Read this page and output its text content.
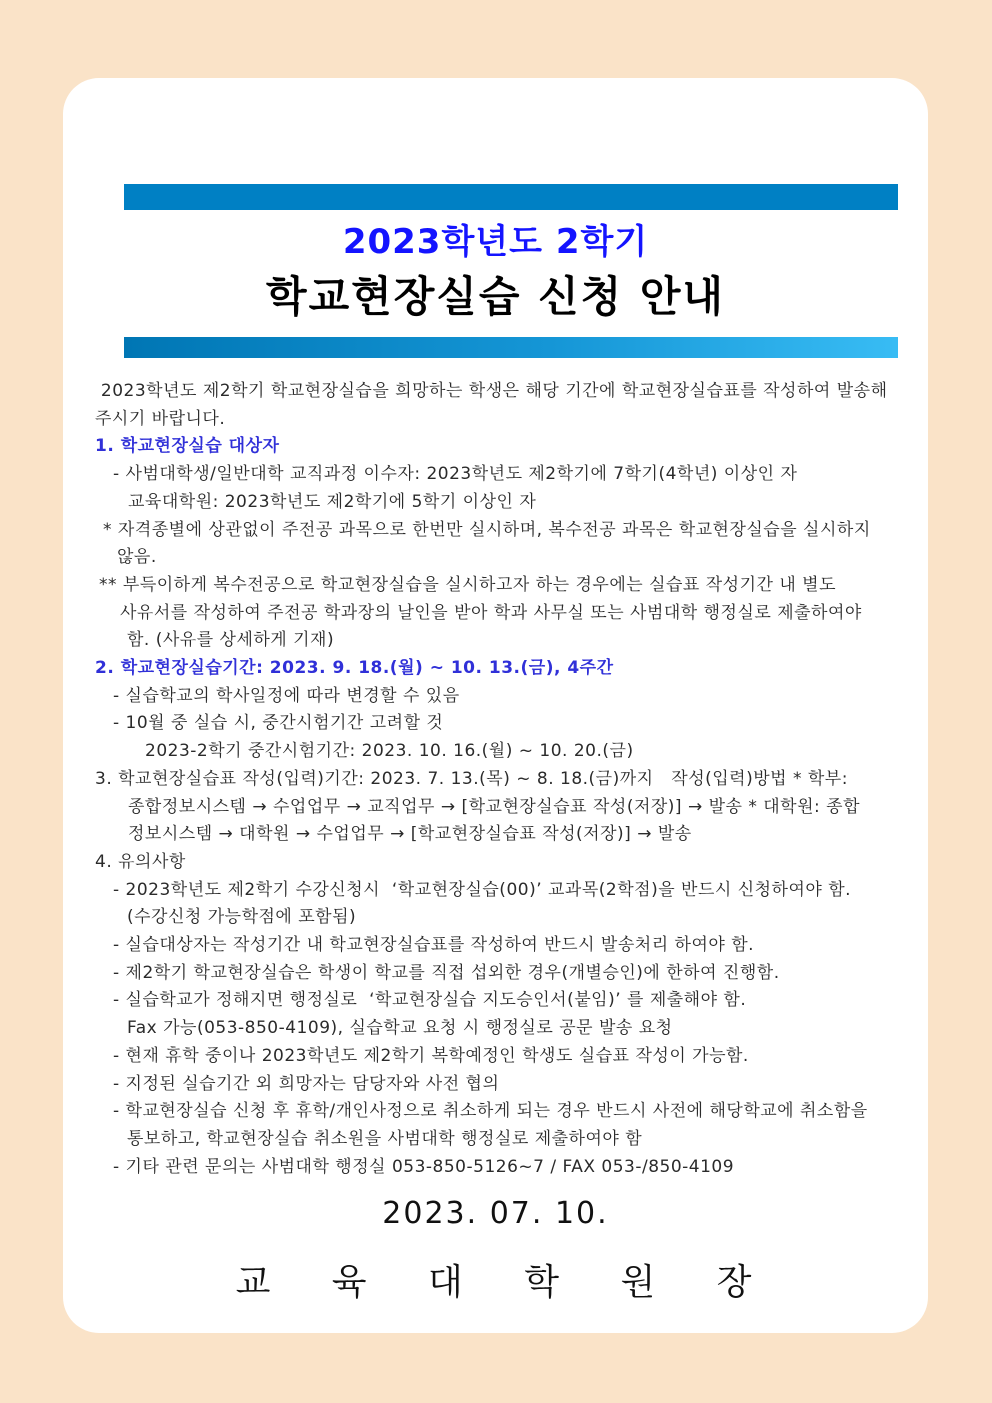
2023학년도 2학기
학교현장실습 신청 안내
2023학년도 제2학기 학교현장실습을 희망하는 학생은 해당 기간에 학교현장실습표를 작성하여 발송해
주시기 바랍니다.
1. 학교현장실습 대상자
- 사범대학생/일반대학 교직과정 이수자: 2023학년도 제2학기에 7학기(4학년) 이상인 자
교육대학원: 2023학년도 제2학기에 5학기 이상인 자
* 자격종별에 상관없이 주전공 과목으로 한번만 실시하며, 복수전공 과목은 학교현장실습을 실시하지
않음.
** 부득이하게 복수전공으로 학교현장실습을 실시하고자 하는 경우에는 실습표 작성기간 내 별도
사유서를 작성하여 주전공 학과장의 날인을 받아 학과 사무실 또는 사범대학 행정실로 제출하여야
함. (사유를 상세하게 기재)
2. 학교현장실습기간: 2023. 9. 18.(월) ~ 10. 13.(금), 4주간
- 실습학교의 학사일정에 따라 변경할 수 있음
- 10월 중 실습 시, 중간시험기간 고려할 것
2023-2학기 중간시험기간: 2023. 10. 16.(월) ~ 10. 20.(금)
3. 학교현장실습표 작성(입력)기간: 2023. 7. 13.(목) ~ 8. 18.(금)까지   작성(입력)방법 * 학부:
종합정보시스템 → 수업업무 → 교직업무 → [학교현장실습표 작성(저장)] → 발송 * 대학원: 종합
정보시스템 → 대학원 → 수업업무 → [학교현장실습표 작성(저장)] → 발송
4. 유의사항
- 2023학년도 제2학기 수강신청시  ‘학교현장실습(00)’ 교과목(2학점)을 반드시 신청하여야 함.
(수강신청 가능학점에 포함됨)
- 실습대상자는 작성기간 내 학교현장실습표를 작성하여 반드시 발송처리 하여야 함.
- 제2학기 학교현장실습은 학생이 학교를 직접 섭외한 경우(개별승인)에 한하여 진행함.
- 실습학교가 정해지면 행정실로  ‘학교현장실습 지도승인서(붙임)’ 를 제출해야 함.
Fax 가능(053-850-4109), 실습학교 요청 시 행정실로 공문 발송 요청
- 현재 휴학 중이나 2023학년도 제2학기 복학예정인 학생도 실습표 작성이 가능함.
- 지정된 실습기간 외 희망자는 담당자와 사전 협의
- 학교현장실습 신청 후 휴학/개인사정으로 취소하게 되는 경우 반드시 사전에 해당학교에 취소함을
통보하고, 학교현장실습 취소원을 사범대학 행정실로 제출하여야 함
- 기타 관련 문의는 사범대학 행정실 053-850-5126~7 / FAX 053-/850-4109
2023. 07. 10.
교 육 대 학 원 장
